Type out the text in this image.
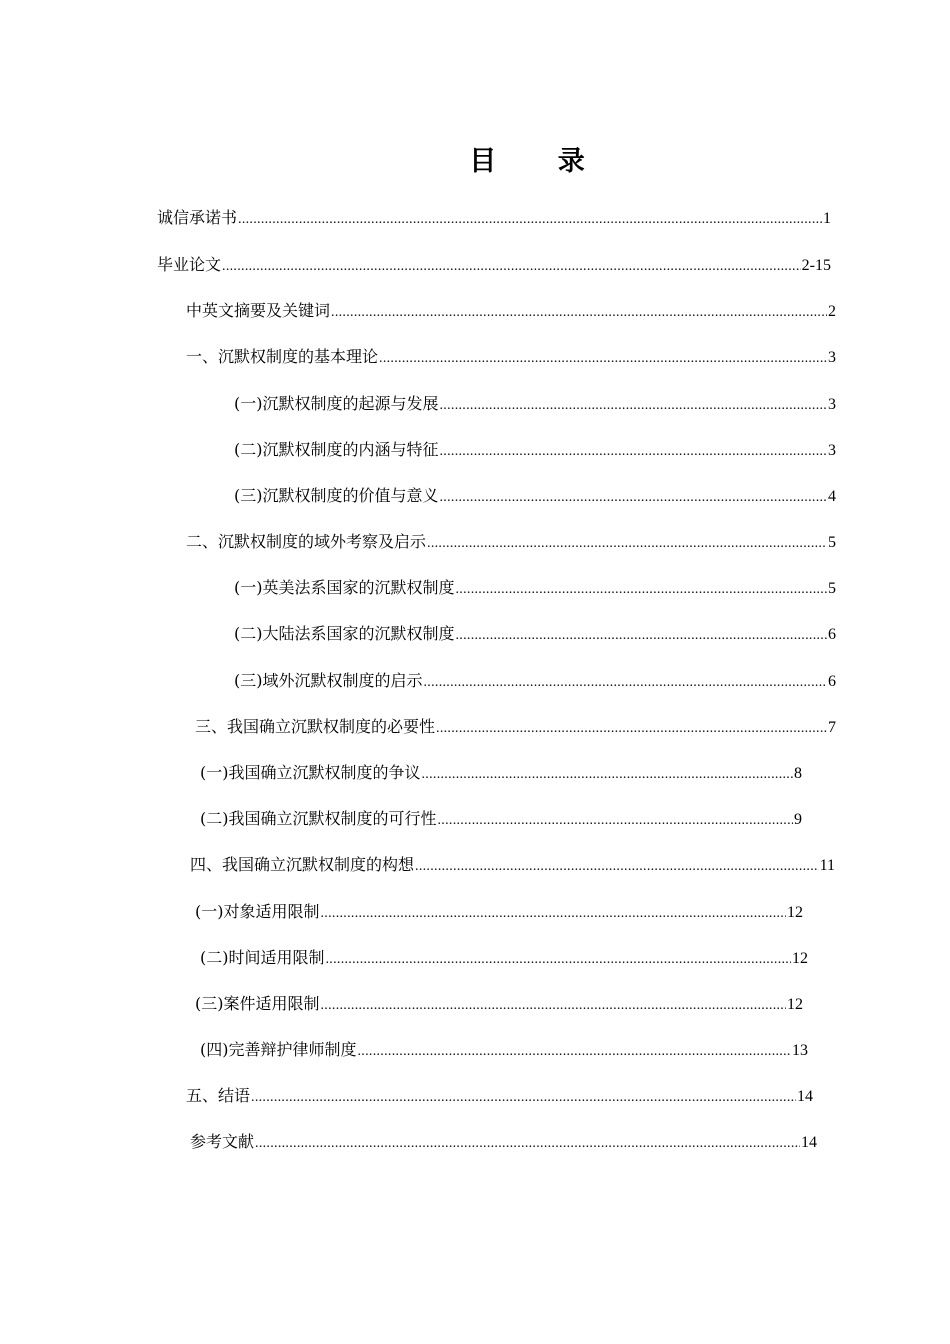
目 录
诚信承诺书 .....	1
毕业论文 .....	2-15
中英文摘要及关键词 .....	2
一、沉默权制度的基本理论 .....	3
(一)沉默权制度的起源与发展 .....	3
(二)沉默权制度的内涵与特征 .....	3
(三)沉默权制度的价值与意义 .....	4
二、沉默权制度的域外考察及启示 .....	5
(一)英美法系国家的沉默权制度 .....	5
(二)大陆法系国家的沉默权制度 .....	6
(三)域外沉默权制度的启示 .....	6
三、我国确立沉默权制度的必要性 .....	7
(一)我国确立沉默权制度的争议 .....	8
(二)我国确立沉默权制度的可行性 .....	9
四、我国确立沉默权制度的构想 .....	11
(一)对象适用限制 .....	12
(二)时间适用限制 .....	12
(三)案件适用限制 .....	12
(四)完善辩护律师制度 .....	13
五、结语 .....	14
参考文献 .....	14
